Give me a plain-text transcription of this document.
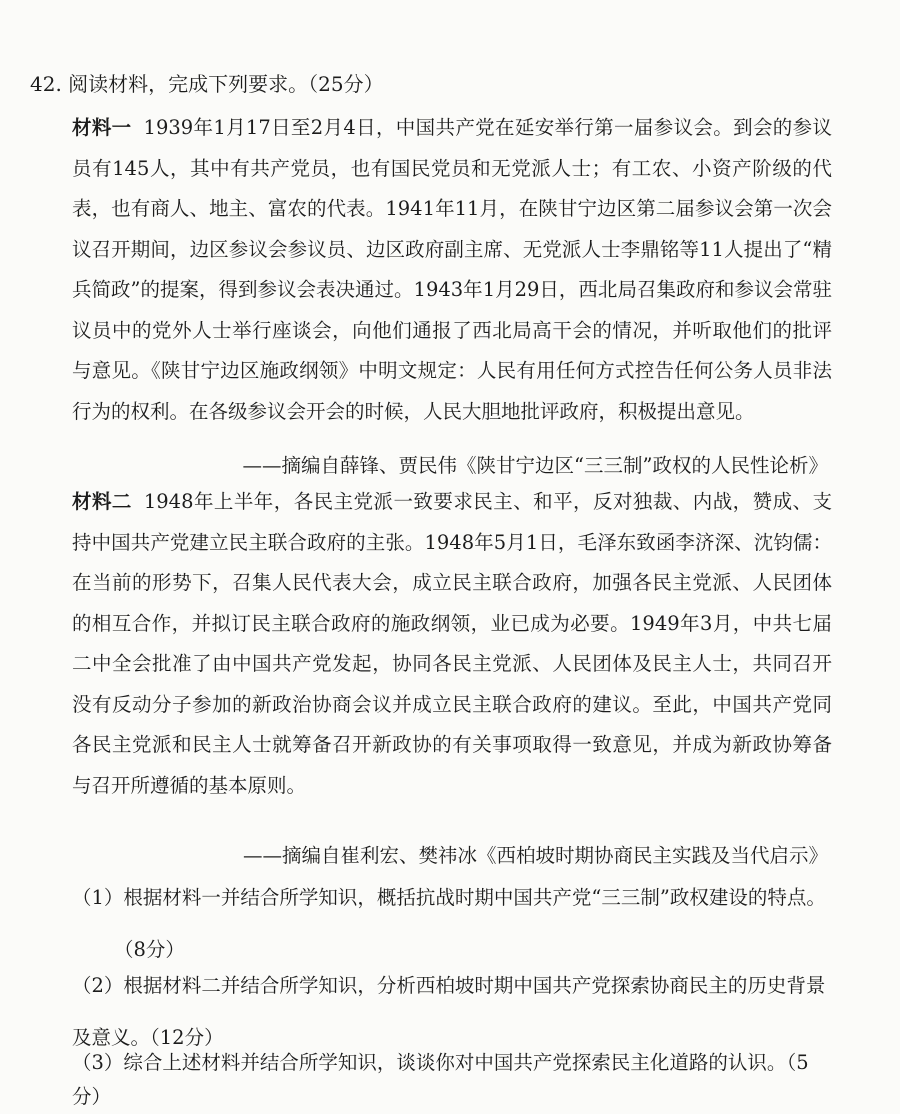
42. 阅读材料，完成下列要求。（25分）
材料一 1939年1月17日至2月4日，中国共产党在延安举行第一届参议会。到会的参议员有145人，其中有共产党员，也有国民党员和无党派人士；有工农、小资产阶级的代表，也有商人、地主、富农的代表。1941年11月，在陕甘宁边区第二届参议会第一次会议召开期间，边区参议会参议员、边区政府副主席、无党派人士李鼎铭等11人提出了“精兵简政”的提案，得到参议会表决通过。1943年1月29日，西北局召集政府和参议会常驻议员中的党外人士举行座谈会，向他们通报了西北局高干会的情况，并听取他们的批评与意见。《陕甘宁边区施政纲领》中明文规定：人民有用任何方式控告任何公务人员非法行为的权利。在各级参议会开会的时候，人民大胆地批评政府，积极提出意见。
——摘编自薛锋、贾民伟《陕甘宁边区“三三制”政权的人民性论析》
材料二 1948年上半年，各民主党派一致要求民主、和平，反对独裁、内战，赞成、支持中国共产党建立民主联合政府的主张。1948年5月1日，毛泽东致函李济深、沈钧儒：在当前的形势下，召集人民代表大会，成立民主联合政府，加强各民主党派、人民团体的相互合作，并拟订民主联合政府的施政纲领，业已成为必要。1949年3月，中共七届二中全会批准了由中国共产党发起，协同各民主党派、人民团体及民主人士，共同召开没有反动分子参加的新政治协商会议并成立民主联合政府的建议。至此，中国共产党同各民主党派和民主人士就筹备召开新政协的有关事项取得一致意见，并成为新政协筹备与召开所遵循的基本原则。
——摘编自崔利宏、樊祎冰《西柏坡时期协商民主实践及当代启示》
（1）根据材料一并结合所学知识，概括抗战时期中国共产党“三三制”政权建设的特点。
（8分）
（2）根据材料二并结合所学知识，分析西柏坡时期中国共产党探索协商民主的历史背景及意义。（12分）
（3）综合上述材料并结合所学知识，谈谈你对中国共产党探索民主化道路的认识。（5分）
